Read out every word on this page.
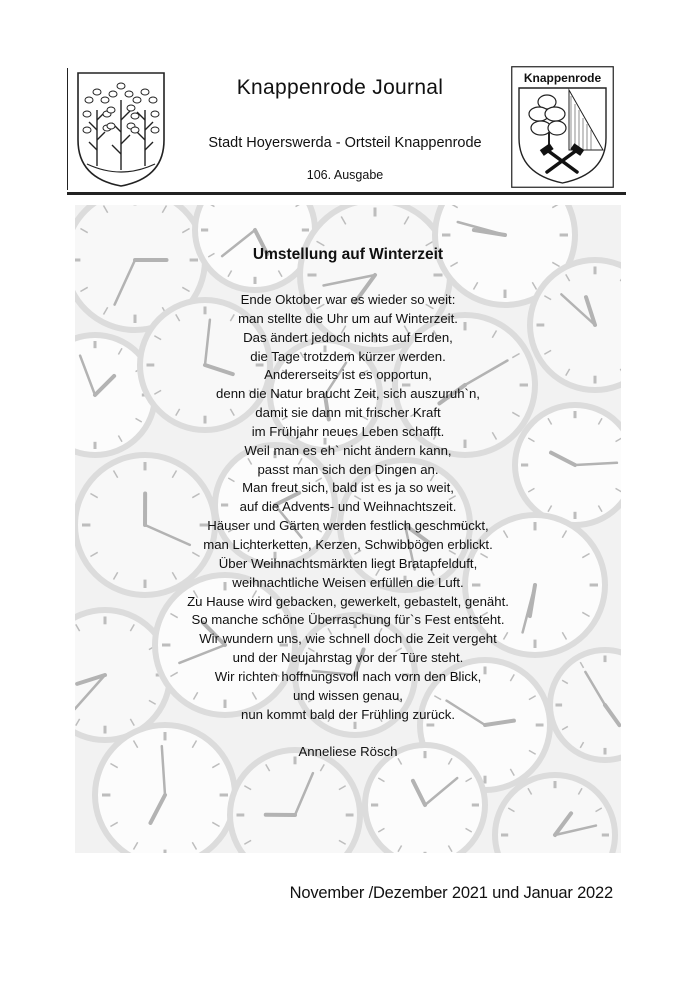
Knappenrode Journal
Stadt Hoyerswerda - Ortsteil Knappenrode
106. Ausgabe
Knappenrode
Umstellung auf Winterzeit
Ende Oktober war es wieder so weit:
man stellte die Uhr um auf Winterzeit.
Das ändert jedoch nichts auf Erden,
die Tage trotzdem kürzer werden.
Andererseits ist es opportun,
denn die Natur braucht Zeit, sich auszuruh`n,
damit sie dann mit frischer Kraft
im Frühjahr neues Leben schafft.
Weil man es eh` nicht ändern kann,
passt man sich den Dingen an.
Man freut sich, bald ist es ja so weit,
auf die Advents- und Weihnachtszeit.
Häuser und Gärten werden festlich geschmückt,
man Lichterketten, Kerzen, Schwibbögen erblickt.
Über Weihnachtsmärkten liegt Bratapfelduft,
weihnachtliche Weisen erfüllen die Luft.
Zu Hause wird gebacken, gewerkelt, gebastelt, genäht.
So manche schöne Überraschung für`s Fest entsteht.
Wir wundern uns, wie schnell doch die Zeit vergeht
und der Neujahrstag vor der Türe steht.
Wir richten hoffnungsvoll nach vorn den Blick,
und wissen genau,
nun kommt bald der Frühling zurück.
Anneliese Rösch
November /Dezember 2021 und Januar 2022
